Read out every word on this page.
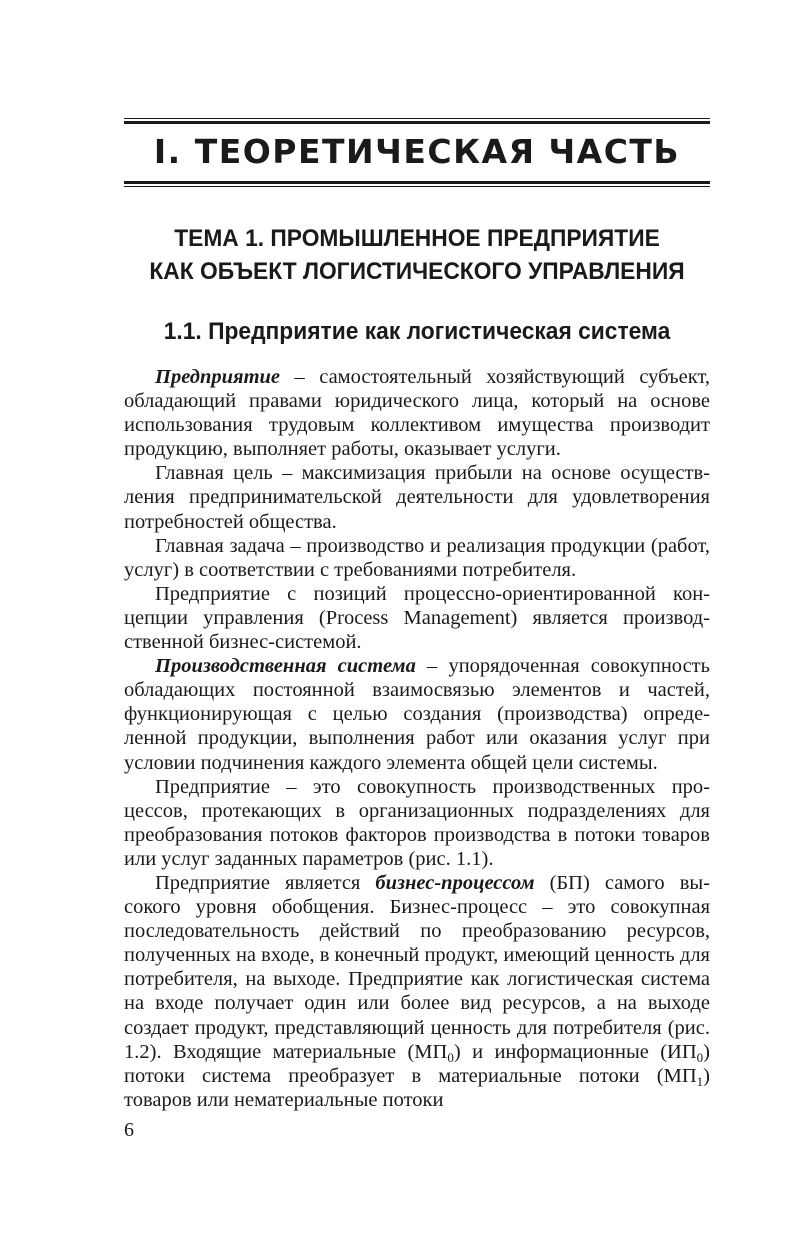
I. ТЕОРЕТИЧЕСКАЯ ЧАСТЬ
ТЕМА 1. ПРОМЫШЛЕННОЕ ПРЕДПРИЯТИЕ
КАК ОБЪЕКТ ЛОГИСТИЧЕСКОГО УПРАВЛЕНИЯ
1.1. Предприятие как логистическая система

Предприятие – самостоятельный хозяйствующий субъект, обладающий правами юридического лица, который на основе использования трудовым коллективом имущества производит продукцию, выполняет работы, оказывает услуги.

Главная цель – максимизация прибыли на основе осуществления предпринимательской деятельности для удовлетворения потребностей общества.

Главная задача – производство и реализация продукции (работ, услуг) в соответствии с требованиями потребителя.

Предприятие с позиций процессно-ориентированной концепции управления (Process Management) является производственной бизнес-системой.

Производственная система – упорядоченная совокупность обладающих постоянной взаимосвязью элементов и частей, функционирующая с целью создания (производства) определенной продукции, выполнения работ или оказания услуг при условии подчинения каждого элемента общей цели системы.

Предприятие – это совокупность производственных процессов, протекающих в организационных подразделениях для преобразования потоков факторов производства в потоки товаров или услуг заданных параметров (рис. 1.1).

Предприятие является бизнес-процессом (БП) самого высокого уровня обобщения. Бизнес-процесс – это совокупная последовательность действий по преобразованию ресурсов, полученных на входе, в конечный продукт, имеющий ценность для потребителя, на выходе. Предприятие как логистическая система на входе получает один или более вид ресурсов, а на выходе создает продукт, представляющий ценность для потребителя (рис. 1.2). Входящие материальные $(МП_0)$ и информационные $(ИП_0)$ потоки система преобразует в материальные потоки $(МП_1)$ товаров или нематериальные потоки

6
